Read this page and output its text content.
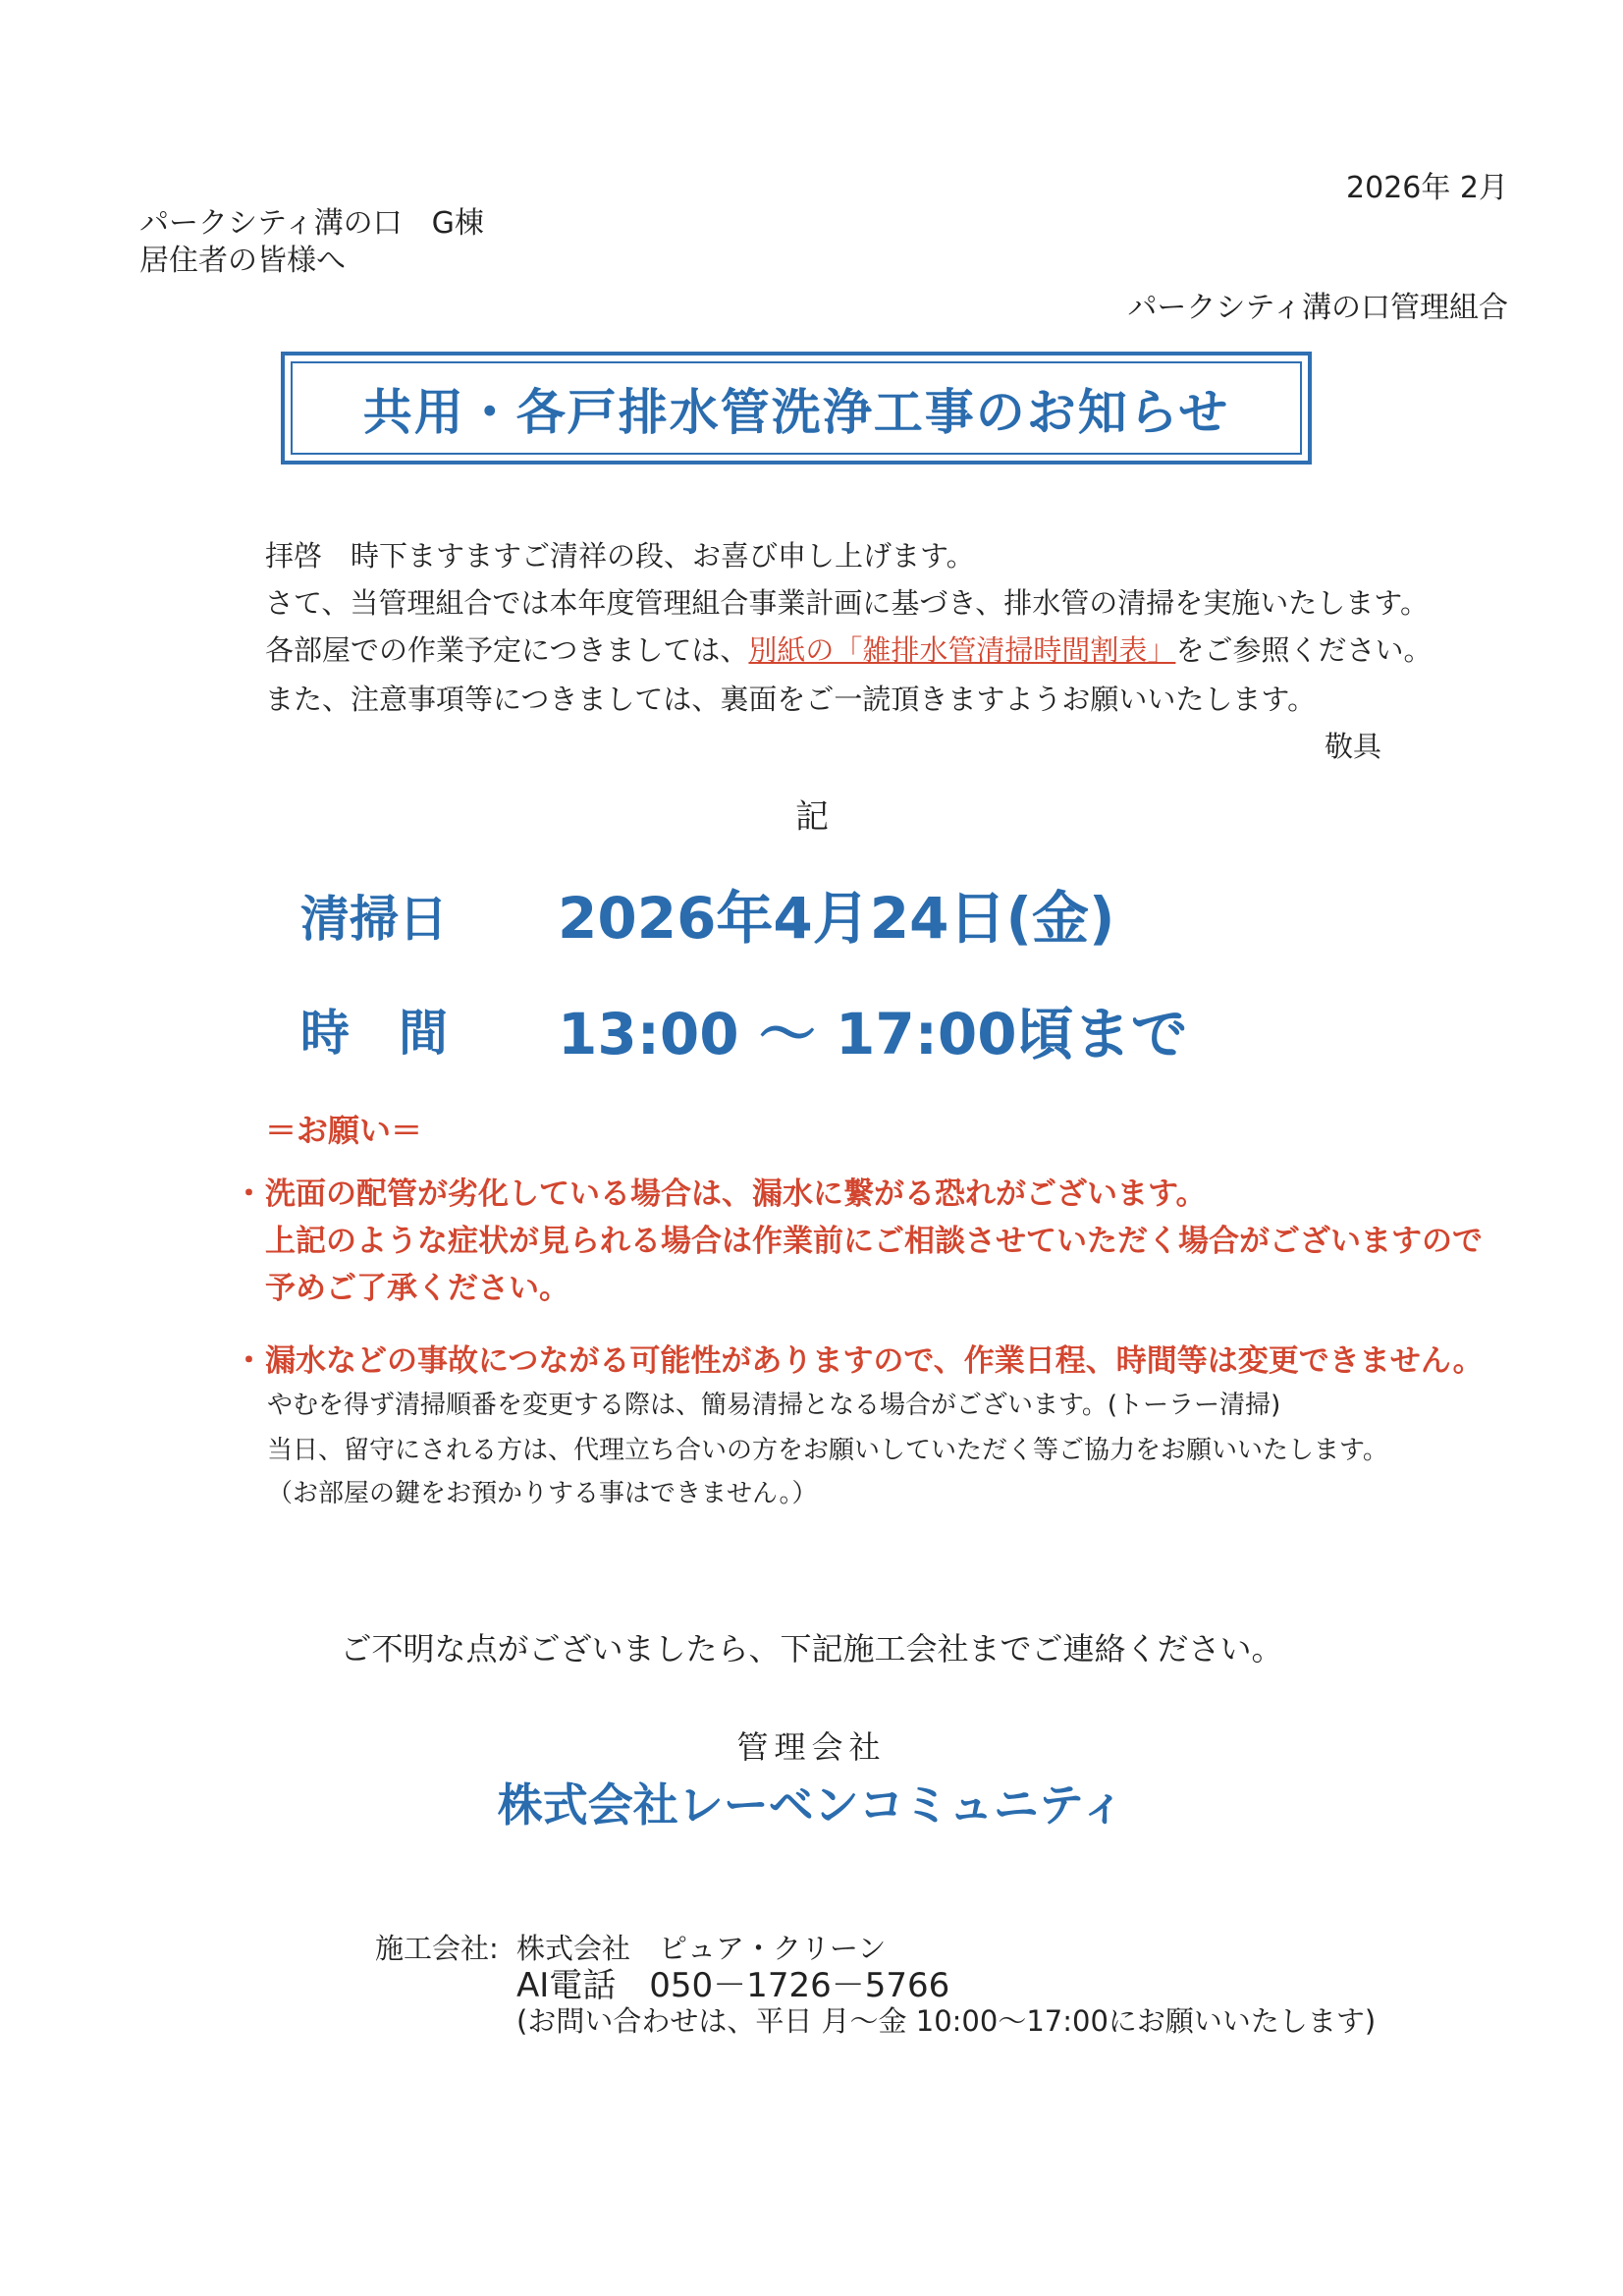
2026年 2月
パークシティ溝の口　G棟
居住者の皆様へ
パークシティ溝の口管理組合
共用・各戸排水管洗浄工事のお知らせ
拝啓　時下ますますご清祥の段、お喜び申し上げます。
さて、当管理組合では本年度管理組合事業計画に基づき、排水管の清掃を実施いたします。
各部屋での作業予定につきましては、別紙の「雑排水管清掃時間割表」をご参照ください。
また、注意事項等につきましては、裏面をご一読頂きますようお願いいたします。
敬具
記
清掃日 2026年4月24日(金)
時　間 13:00 ～ 17:00頃まで
＝お願い＝
・ 洗面の配管が劣化している場合は、漏水に繋がる恐れがございます。
上記のような症状が見られる場合は作業前にご相談させていただく場合がございますので
予めご了承ください。
・ 漏水などの事故につながる可能性がありますので、作業日程、時間等は変更できません。
やむを得ず清掃順番を変更する際は、簡易清掃となる場合がございます。(トーラー清掃)
当日、留守にされる方は、代理立ち合いの方をお願いしていただく等ご協力をお願いいたします。
（お部屋の鍵をお預かりする事はできません。）
ご不明な点がございましたら、下記施工会社までご連絡ください。
管理会社
株式会社レーベンコミュニティ
施工会社: 株式会社　ピュア・クリーン
AI電話　050－1726－5766
(お問い合わせは、平日 月～金 10:00～17:00にお願いいたします)
